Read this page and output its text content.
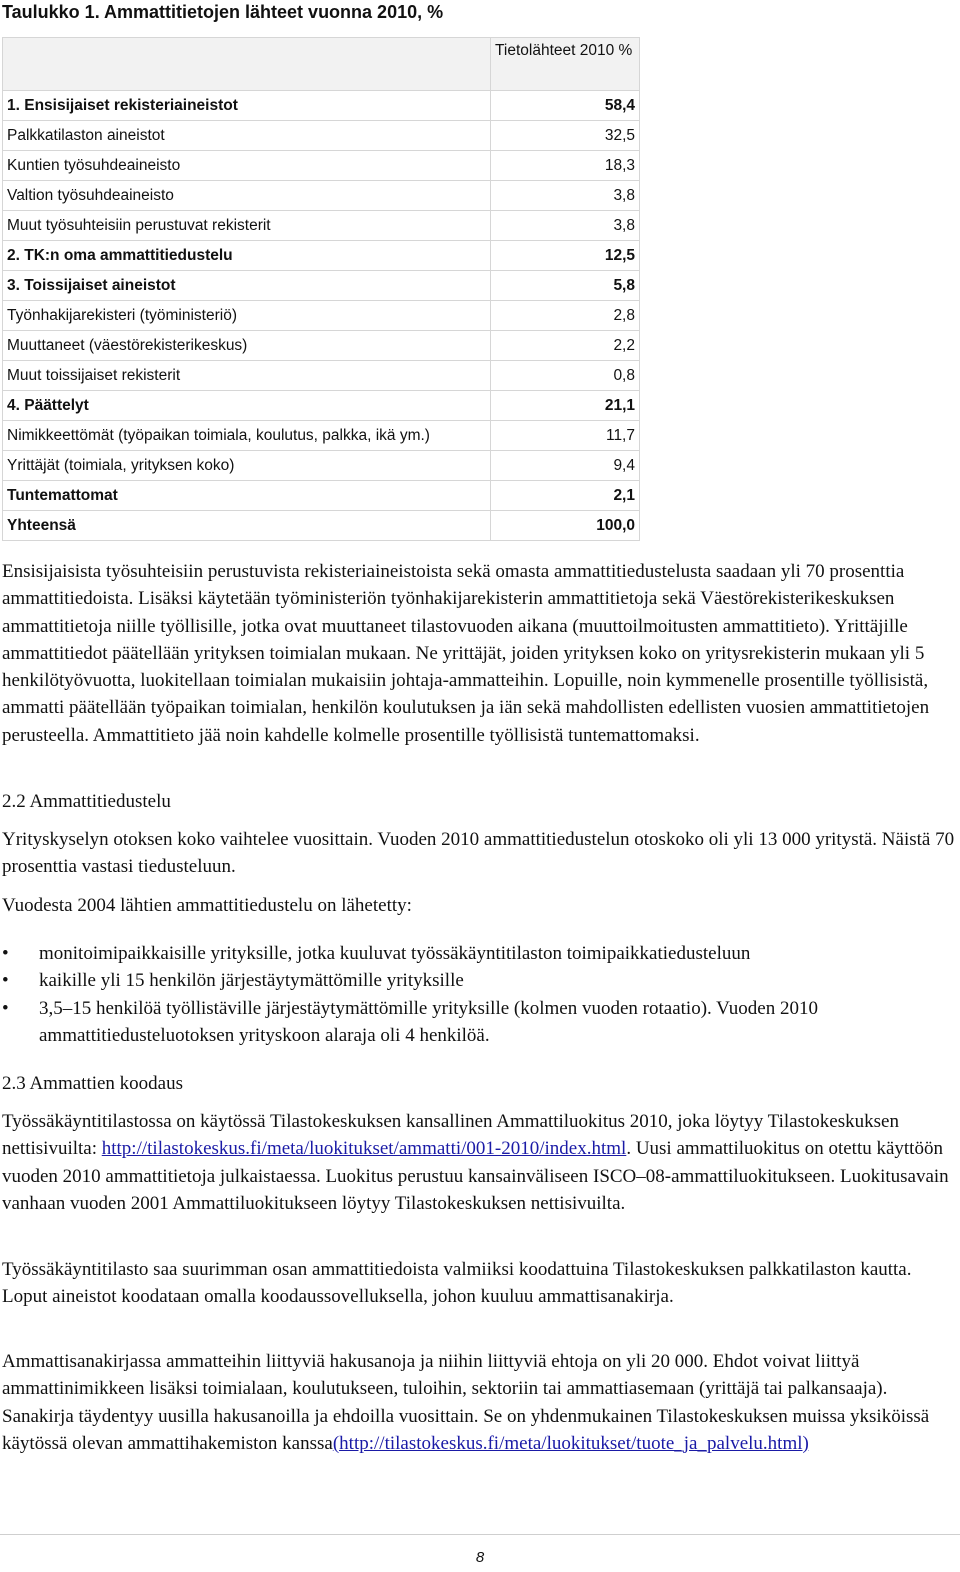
Taulukko 1. Ammattitietojen lähteet vuonna 2010, %
	Tietolähteet 2010 %
1. Ensisijaiset rekisteriaineistot	58,4
Palkkatilaston aineistot	32,5
Kuntien työsuhdeaineisto	18,3
Valtion työsuhdeaineisto	3,8
Muut työsuhteisiin perustuvat rekisterit	3,8
2. TK:n oma ammattitiedustelu	12,5
3. Toissijaiset aineistot	5,8
Työnhakijarekisteri (työministeriö)	2,8
Muuttaneet (väestörekisterikeskus)	2,2
Muut toissijaiset rekisterit	0,8
4. Päättelyt	21,1
Nimikkeettömät (työpaikan toimiala, koulutus, palkka, ikä ym.)	11,7
Yrittäjät (toimiala, yrityksen koko)	9,4
Tuntemattomat	2,1
Yhteensä	100,0

Ensisijaisista työsuhteisiin perustuvista rekisteriaineistoista sekä omasta ammattitiedustelusta saadaan yli 70 prosenttia ammattitiedoista. Lisäksi käytetään työministeriön työnhakijarekisterin ammattitietoja sekä Väestörekisterikeskuksen ammattitietoja niille työllisille, jotka ovat muuttaneet tilastovuoden aikana (muuttoilmoitusten ammattitieto). Yrittäjille ammattitiedot päätellään yrityksen toimialan mukaan. Ne yrittäjät, joiden yrityksen koko on yritysrekisterin mukaan yli 5 henkilötyövuotta, luokitellaan toimialan mukaisiin johtaja-ammatteihin. Lopuille, noin kymmenelle prosentille työllisistä, ammatti päätellään työpaikan toimialan, henkilön koulutuksen ja iän sekä mahdollisten edellisten vuosien ammattitietojen perusteella. Ammattitieto jää noin kahdelle kolmelle prosentille työllisistä tuntemattomaksi.

2.2 Ammattitiedustelu

Yrityskyselyn otoksen koko vaihtelee vuosittain. Vuoden 2010 ammattitiedustelun otoskoko oli yli 13 000 yritystä. Näistä 70 prosenttia vastasi tiedusteluun.

Vuodesta 2004 lähtien ammattitiedustelu on lähetetty:

• monitoimipaikkaisille yrityksille, jotka kuuluvat työssäkäyntitilaston toimipaikkatiedusteluun
• kaikille yli 15 henkilön järjestäytymättömille yrityksille
• 3,5–15 henkilöä työllistäville järjestäytymättömille yrityksille (kolmen vuoden rotaatio). Vuoden 2010 ammattitiedusteluotoksen yrityskoon alaraja oli 4 henkilöä.

2.3 Ammattien koodaus

Työssäkäyntitilastossa on käytössä Tilastokeskuksen kansallinen Ammattiluokitus 2010, joka löytyy Tilastokeskuksen nettisivuilta: http://tilastokeskus.fi/meta/luokitukset/ammatti/001-2010/index.html. Uusi ammattiluokitus on otettu käyttöön vuoden 2010 ammattitietoja julkaistaessa. Luokitus perustuu kansainväliseen ISCO–08-ammattiluokitukseen. Luokitusavain vanhaan vuoden 2001 Ammattiluokitukseen löytyy Tilastokeskuksen nettisivuilta.

Työssäkäyntitilasto saa suurimman osan ammattitiedoista valmiiksi koodattuina Tilastokeskuksen palkkatilaston kautta. Loput aineistot koodataan omalla koodaussovelluksella, johon kuuluu ammattisanakirja.

Ammattisanakirjassa ammatteihin liittyviä hakusanoja ja niihin liittyviä ehtoja on yli 20 000. Ehdot voivat liittyä ammattinimikkeen lisäksi toimialaan, koulutukseen, tuloihin, sektoriin tai ammattiasemaan (yrittäjä tai palkansaaja). Sanakirja täydentyy uusilla hakusanoilla ja ehdoilla vuosittain. Se on yhdenmukainen Tilastokeskuksen muissa yksiköissä käytössä olevan ammattihakemiston kanssa(http://tilastokeskus.fi/meta/luokitukset/tuote_ja_palvelu.html)

8
